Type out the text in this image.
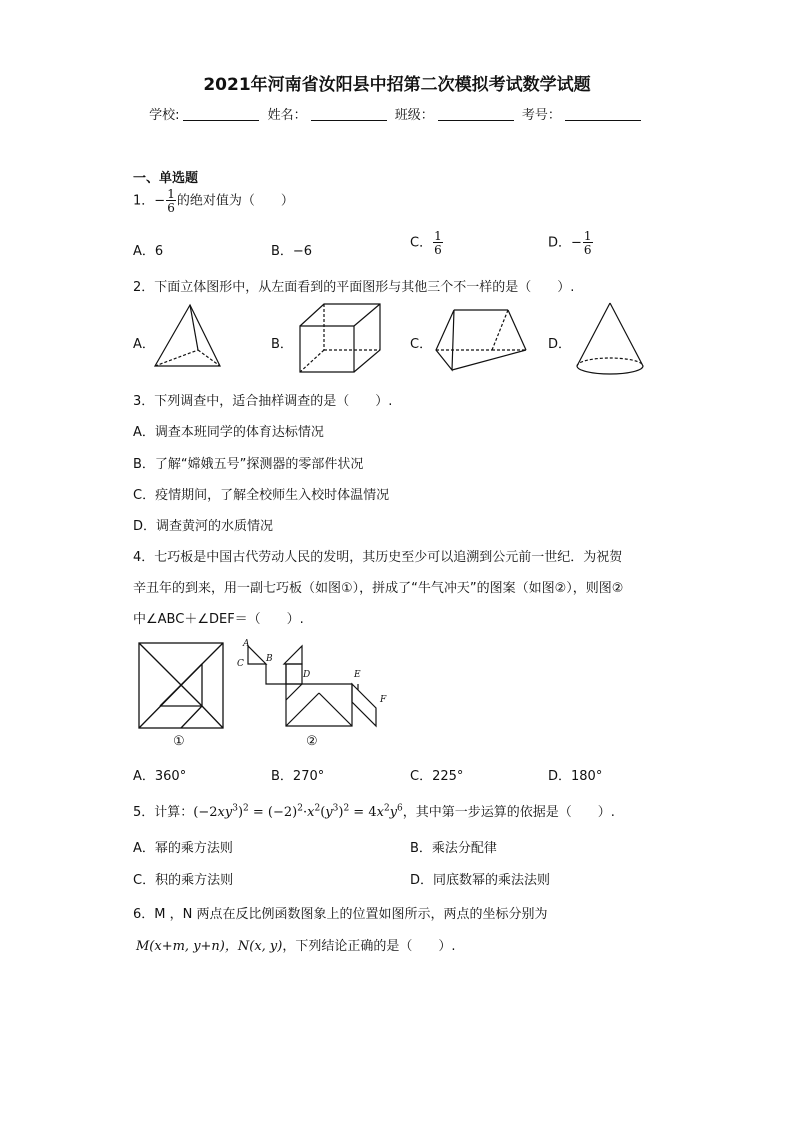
2021年河南省汝阳县中招第二次模拟考试数学试题
学校:	姓名：	班级：	考号：
一、单选题
1．− $\frac{1}{6}$ 的绝对值为（　　）
A．6	B．−6
C． $\frac{1}{6}$	D．− $\frac{1}{6}$
2．下面立体图形中，从左面看到的平面图形与其他三个不一样的是（　　）.
A．	B．	C．	D．
3．下列调查中，适合抽样调查的是（　　）.
A．调查本班同学的体育达标情况
B．了解“嫦娥五号”探测器的零部件状况
C．疫情期间，了解全校师生入校时体温情况
D．调查黄河的水质情况
4．七巧板是中国古代劳动人民的发明，其历史至少可以追溯到公元前一世纪．为祝贺
辛丑年的到来，用一副七巧板（如图①），拼成了“牛气冲天”的图案（如图②），则图②
中∠ABC＋∠DEF＝（　　）.
①
A
C B
D	E
F
②
A．360°	B．270°	C．225°	D．180°
5．计算：$(-2xy^3)^2 = (-2)^2\cdot x^2(y^3)^2 = 4x^2y^6$，其中第一步运算的依据是（　　）.
A．幂的乘方法则	B．乘法分配律
C．积的乘方法则	D．同底数幂的乘法法则
6．M ，N 两点在反比例函数图象上的位置如图所示，两点的坐标分别为
M(x+m, y+n)，N(x, y)，下列结论正确的是（　　）.
